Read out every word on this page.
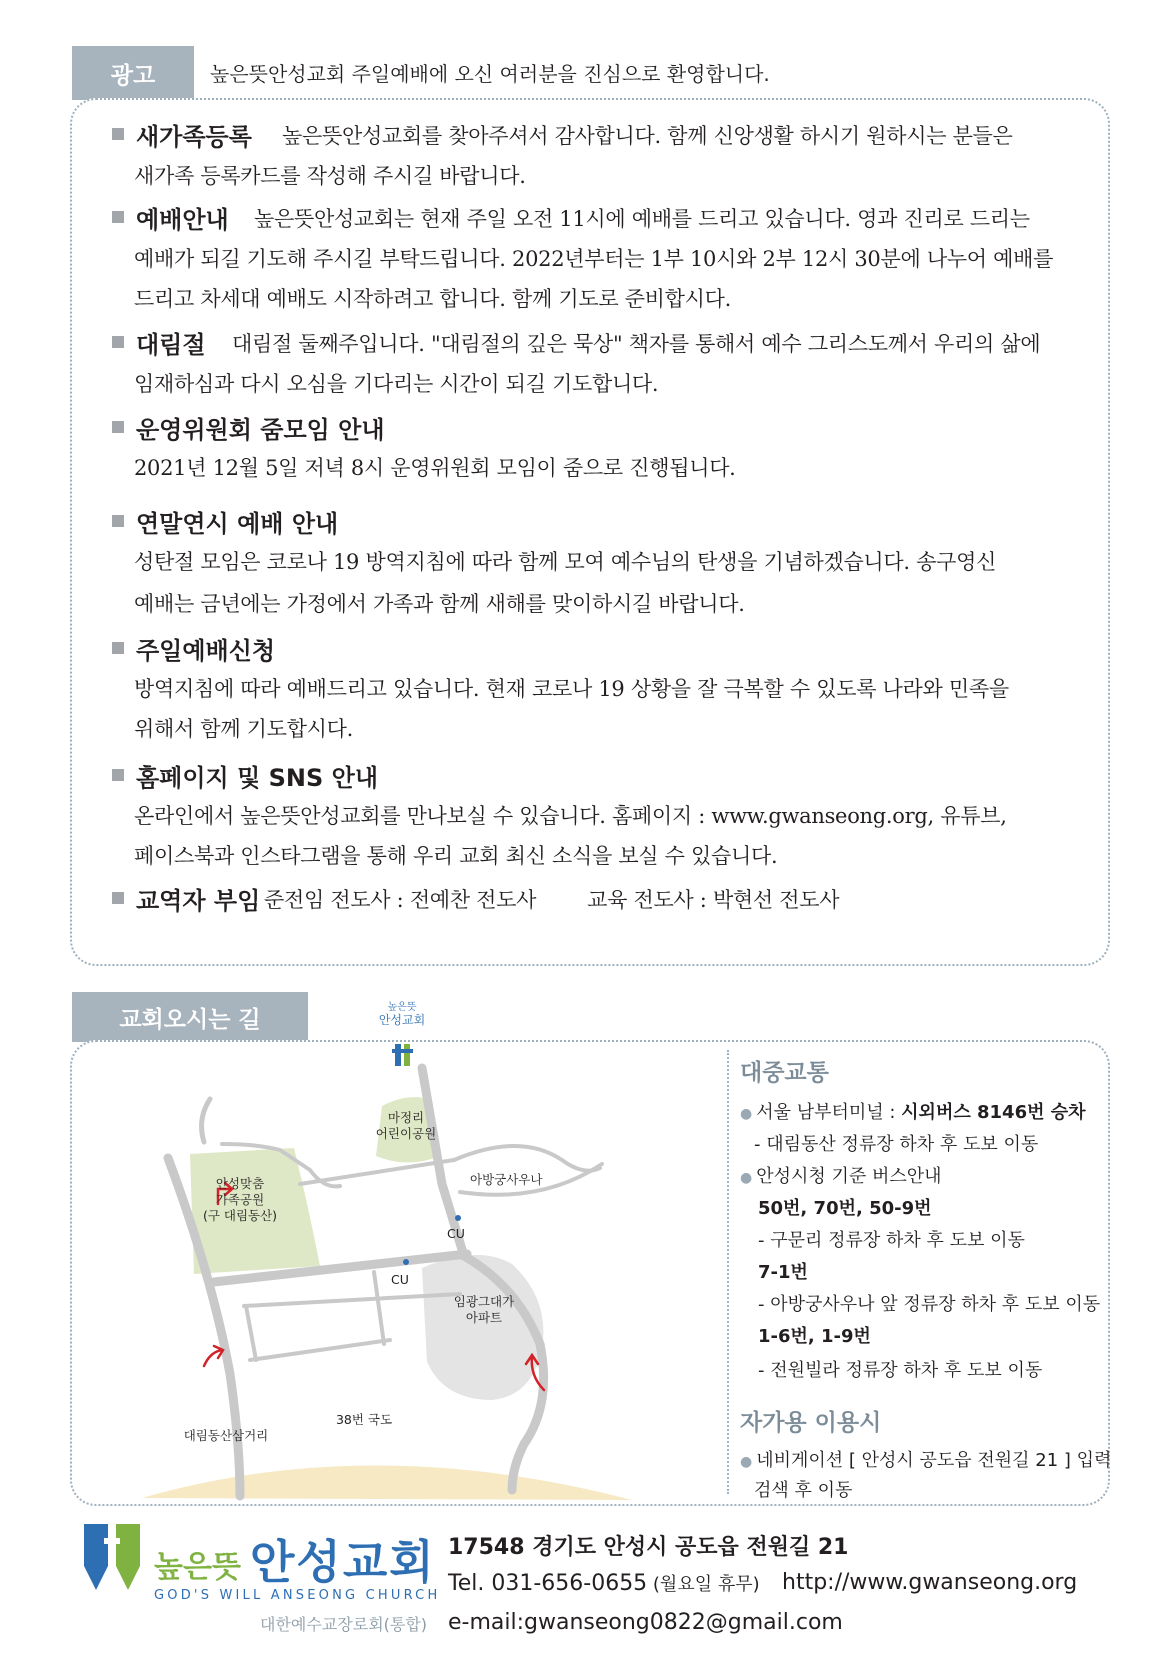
광고	높은뜻안성교회 주일예배에 오신 여러분을 진심으로 환영합니다.
새가족등록 높은뜻안성교회를 찾아주셔서 감사합니다. 함께 신앙생활 하시기 원하시는 분들은
새가족 등록카드를 작성해 주시길 바랍니다.
예배안내 높은뜻안성교회는 현재 주일 오전 11시에 예배를 드리고 있습니다. 영과 진리로 드리는
예배가 되길 기도해 주시길 부탁드립니다. 2022년부터는 1부 10시와 2부 12시 30분에 나누어 예배를
드리고 차세대 예배도 시작하려고 합니다. 함께 기도로 준비합시다.
대림절 대림절 둘째주입니다. "대림절의 깊은 묵상" 책자를 통해서 예수 그리스도께서 우리의 삶에
임재하심과 다시 오심을 기다리는 시간이 되길 기도합니다.
운영위원회 줌모임 안내
2021년 12월 5일 저녁 8시 운영위원회 모임이 줌으로 진행됩니다.
연말연시 예배 안내
성탄절 모임은 코로나 19 방역지침에 따라 함께 모여 예수님의 탄생을 기념하겠습니다. 송구영신
예배는 금년에는 가정에서 가족과 함께 새해를 맞이하시길 바랍니다.
주일예배신청
방역지침에 따라 예배드리고 있습니다. 현재 코로나 19 상황을 잘 극복할 수 있도록 나라와 민족을
위해서 함께 기도합시다.
홈페이지 및 SNS 안내
온라인에서 높은뜻안성교회를 만나보실 수 있습니다. 홈페이지 : www.gwanseong.org, 유튜브,
페이스북과 인스타그램을 통해 우리 교회 최신 소식을 보실 수 있습니다.
교역자 부임 준전임 전도사 : 전예찬 전도사        교육 전도사 : 박현선 전도사
교회오시는 길	높은뜻
안성교회
마정리
어린이공원
안성맞춤
가족공원
(구 대림동산)
아방궁사우나
CU
CU
임광그대가
아파트
대림동산삼거리
38번 국도
대중교통
● 서울 남부터미널 : 시외버스 8146번 승차
- 대림동산 정류장 하차 후 도보 이동
● 안성시청 기준 버스안내
50번, 70번, 50-9번
- 구문리 정류장 하차 후 도보 이동
7-1번
- 아방궁사우나 앞 정류장 하차 후 도보 이동
1-6번, 1-9번
- 전원빌라 정류장 하차 후 도보 이동
자가용 이용시
● 네비게이션 [ 안성시 공도읍 전원길 21 ] 입력
검색 후 이동
높은뜻 안성교회
GOD'S WILL ANSEONG CHURCH
대한예수교장로회(통합)
17548 경기도 안성시 공도읍 전원길 21
Tel. 031-656-0655 (월요일 휴무) http://www.gwanseong.org
e-mail:gwanseong0822@gmail.com
